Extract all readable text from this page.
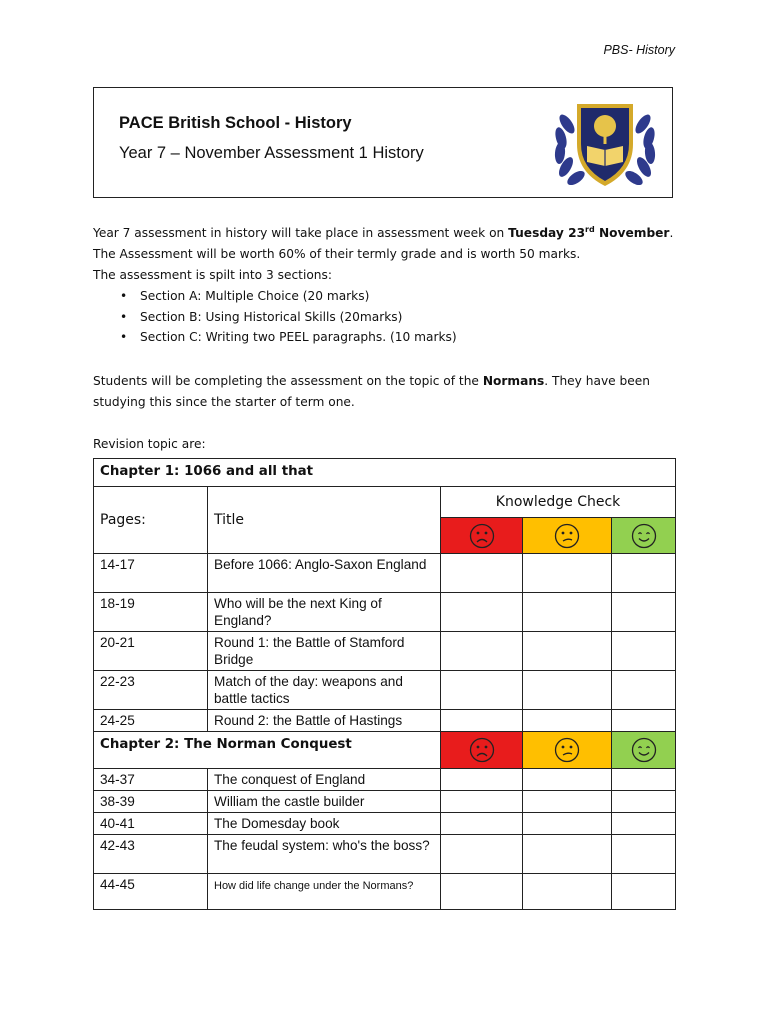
PBS- History
PACE British School - History
Year 7 – November Assessment 1 History

Year 7 assessment in history will take place in assessment week on Tuesday 23rd November.

The Assessment will be worth 60% of their termly grade and is worth 50 marks.

The assessment is spilt into 3 sections:

• Section A: Multiple Choice (20 marks)
• Section B: Using Historical Skills (20marks)
• Section C: Writing two PEEL paragraphs. (10 marks)

Students will be completing the assessment on the topic of the Normans. They have been

studying this since the starter of term one.

Revision topic are:
Chapter 1: 1066 and all that				
Pages:	Title	Knowledge Check		

14-17	Before 1066: Anglo-Saxon England			
18-19	Who will be the next King of England?			
20-21	Round 1: the Battle of Stamford Bridge			
22-23	Match of the day: weapons and battle tactics			
24-25	Round 2: the Battle of Hastings			
Chapter 2: The Norman Conquest			
34-37	The conquest of England			
38-39	William the castle builder			
40-41	The Domesday book			
42-43	The feudal system: who's the boss?			
44-45	How did life change under the Normans?			
